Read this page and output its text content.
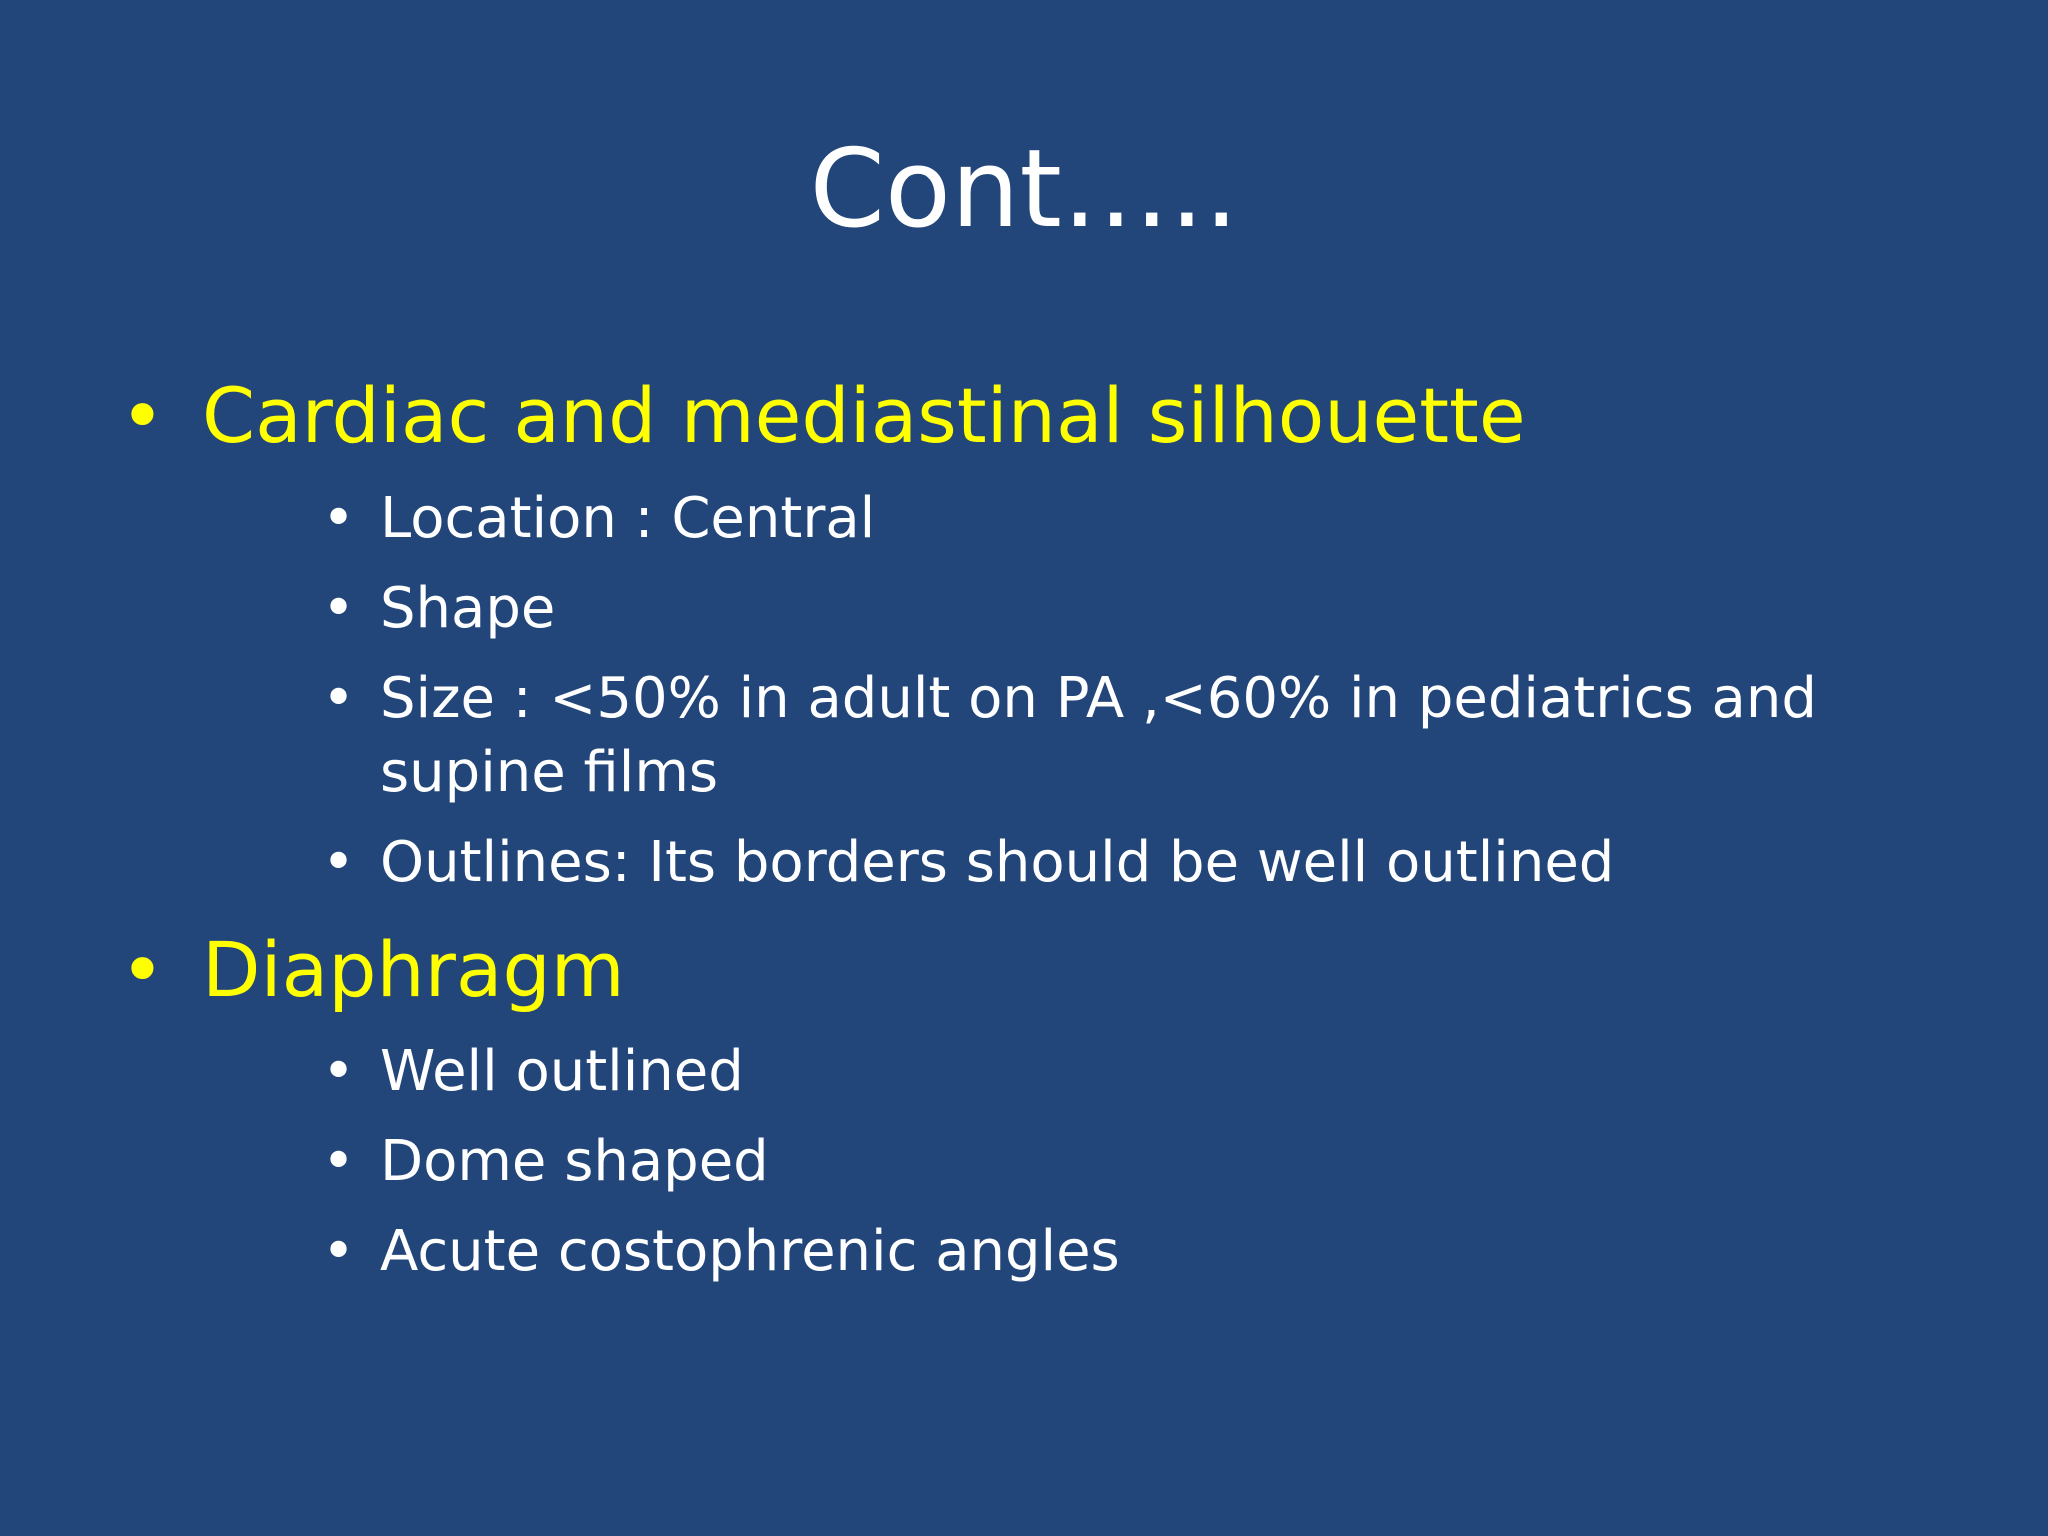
Cont…..
• Cardiac and mediastinal silhouette
• Location : Central
• Shape
• Size : <50% in adult on PA ,<60% in pediatrics and supine films
• Outlines: Its borders should be well outlined
• Diaphragm
• Well outlined
• Dome shaped
• Acute costophrenic angles
